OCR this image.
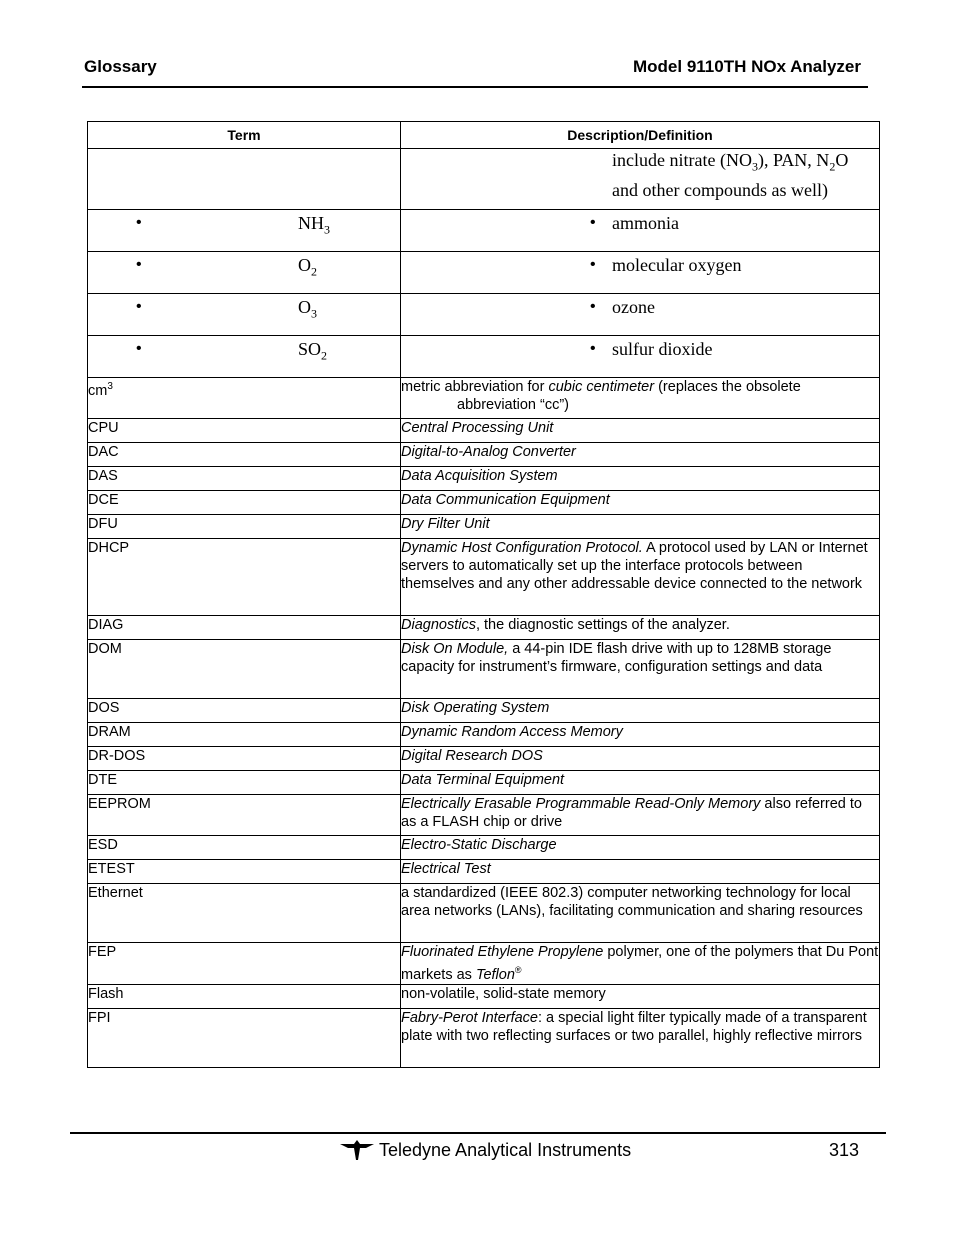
Glossary	Model 9110TH NOx Analyzer
Term	Description/Definition

	include nitrate $(NO_3)$, PAN, $N_2O$
and other compounds as well)

• $NH_3$	• ammonia

• $O_2$	• molecular oxygen

• $O_3$	• ozone

• $SO_2$	• sulfur dioxide

$cm^3$	metric abbreviation for cubic centimeter (replaces the obsolete
abbreviation “cc”)

CPU	Central Processing Unit
DAC	Digital-to-Analog Converter
DAS	Data Acquisition System
DCE	Data Communication Equipment
DFU	Dry Filter Unit
DHCP	Dynamic Host Configuration Protocol. A protocol used by LAN or Internet servers to automatically set up the interface protocols between themselves and any other addressable device connected to the network
DIAG	Diagnostics, the diagnostic settings of the analyzer.
DOM	Disk On Module, a 44-pin IDE flash drive with up to 128MB storage capacity for instrument’s firmware, configuration settings and data
DOS	Disk Operating System
DRAM	Dynamic Random Access Memory
DR-DOS	Digital Research DOS
DTE	Data Terminal Equipment
EEPROM	Electrically Erasable Programmable Read-Only Memory also referred to as a FLASH chip or drive
ESD	Electro-Static Discharge
ETEST	Electrical Test
Ethernet	a standardized (IEEE 802.3) computer networking technology for local area networks (LANs), facilitating communication and sharing resources
FEP	Fluorinated Ethylene Propylene polymer, one of the polymers that Du Pont markets as Teflon®
Flash	non-volatile, solid-state memory
FPI	Fabry-Perot Interface: a special light filter typically made of a transparent plate with two reflecting surfaces or two parallel, highly reflective mirrors
Teledyne Analytical Instruments	313
